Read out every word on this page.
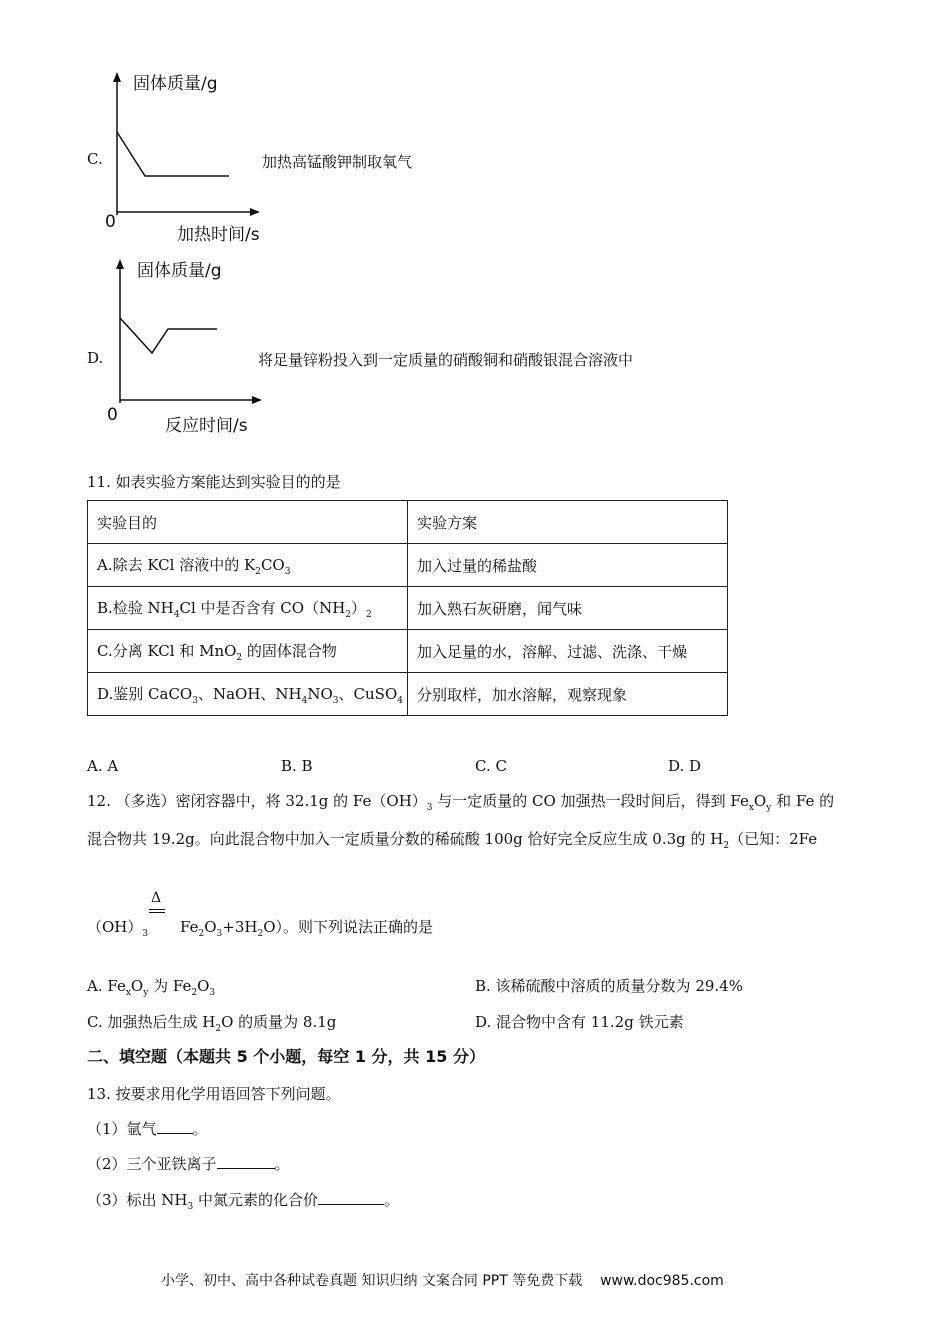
C.
固体质量/g
0
加热时间/s
加热高锰酸钾制取氧气
D.
固体质量/g
0
反应时间/s
将足量锌粉投入到一定质量的硝酸铜和硝酸银混合溶液中
11. 如表实验方案能达到实验目的的是
实验目的	实验方案
A.除去 KCl 溶液中的 $K_2CO_3$	加入过量的稀盐酸
B.检验 $NH_4Cl$ 中是否含有 $CO(NH_2)_2$	加入熟石灰研磨，闻气味
C.分离 KCl 和 MnO$_2$ 的固体混合物	加入足量的水，溶解、过滤、洗涤、干燥
D.鉴别 CaCO$_3$、NaOH、$NH_4NO_3$、CuSO$_4$	分别取样，加水溶解，观察现象
A. A	B. B	C. C	D. D
12. （多选）密闭容器中，将 32.1g 的 $Fe(OH)_3$ 与一定质量的 CO 加强热一段时间后，得到 $Fe_xO_y$ 和 Fe 的
混合物共 19.2g。向此混合物中加入一定质量分数的稀硫酸 100g 恰好完全反应生成 0.3g 的 $H_2$（已知：2Fe
Δ
$(OH)_3$ $Fe_2O_3+3H_2O$）。则下列说法正确的是
A. $Fe_xO_y$ 为 $Fe_2O_3$	B. 该稀硫酸中溶质的质量分数为 29.4%
C. 加强热后生成 $H_2O$ 的质量为 8.1g	D. 混合物中含有 11.2g 铁元素
二、填空题（本题共 5 个小题，每空 1 分，共 15 分）
13. 按要求用化学用语回答下列问题。
（1）氩气 。
（2）三个亚铁离子	。
（3）标出 $NH_3$ 中氮元素的化合价	。
小学、初中、高中各种试卷真题 知识归纳 文案合同 PPT 等免费下载 www.doc985.com
